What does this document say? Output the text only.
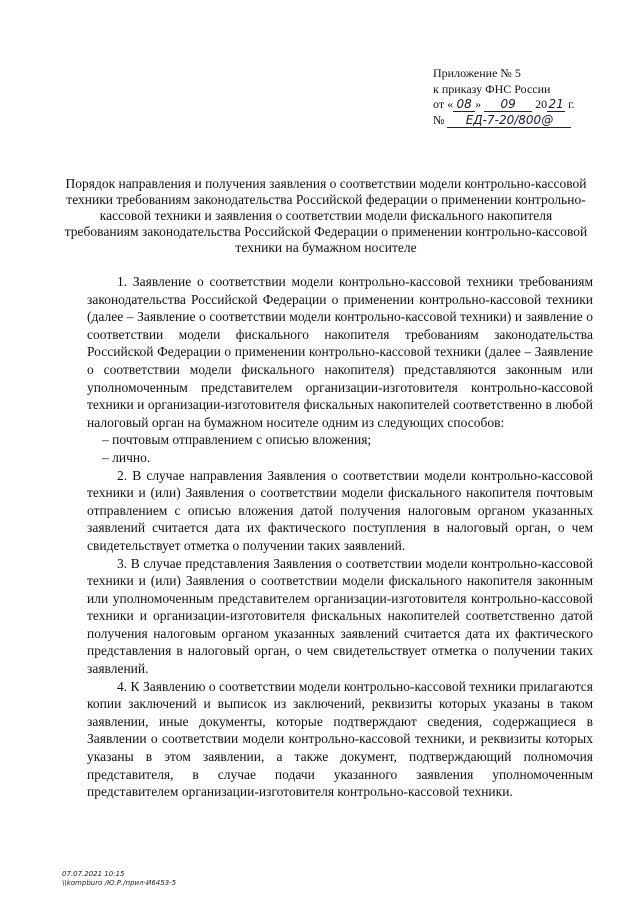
Приложение № 5
к приказу ФНС России
от « 08 » 09 2021 г.
№ ЕД-7-20/800@
Порядок направления и получения заявления о соответствии модели контрольно-кассовой техники требованиям законодательства Российской федерации о применении контрольно-кассовой техники и заявления о соответствии модели фискального накопителя требованиям законодательства Российской Федерации о применении контрольно-кассовой техники на бумажном носителе

1. Заявление о соответствии модели контрольно-кассовой техники требованиям законодательства Российской Федерации о применении контрольно-кассовой техники (далее – Заявление о соответствии модели контрольно-кассовой техники) и заявление о соответствии модели фискального накопителя требованиям законодательства Российской Федерации о применении контрольно-кассовой техники (далее – Заявление о соответствии модели фискального накопителя) представляются законным или уполномоченным представителем организации-изготовителя контрольно-кассовой техники и организации-изготовителя фискальных накопителей соответственно в любой налоговый орган на бумажном носителе одним из следующих способов:

– почтовым отправлением с описью вложения;

– лично.

2. В случае направления Заявления о соответствии модели контрольно-кассовой техники и (или) Заявления о соответствии модели фискального накопителя почтовым отправлением с описью вложения датой получения налоговым органом указанных заявлений считается дата их фактического поступления в налоговый орган, о чем свидетельствует отметка о получении таких заявлений.

3. В случае представления Заявления о соответствии модели контрольно-кассовой техники и (или) Заявления о соответствии модели фискального накопителя законным или уполномоченным представителем организации-изготовителя контрольно-кассовой техники и организации-изготовителя фискальных накопителей соответственно датой получения налоговым органом указанных заявлений считается дата их фактического представления в налоговый орган, о чем свидетельствует отметка о получении таких заявлений.

4. К Заявлению о соответствии модели контрольно-кассовой техники прилагаются копии заключений и выписок из заключений, реквизиты которых указаны в таком заявлении, иные документы, которые подтверждают сведения, содержащиеся в Заявлении о соответствии модели контрольно-кассовой техники, и реквизиты которых указаны в этом заявлении, а также документ, подтверждающий полномочия представителя, в случае подачи указанного заявления уполномоченным представителем организации-изготовителя контрольно-кассовой техники.

07.07.2021 10:15
\\kompburo /Ю.Р./прил-И6453-5
